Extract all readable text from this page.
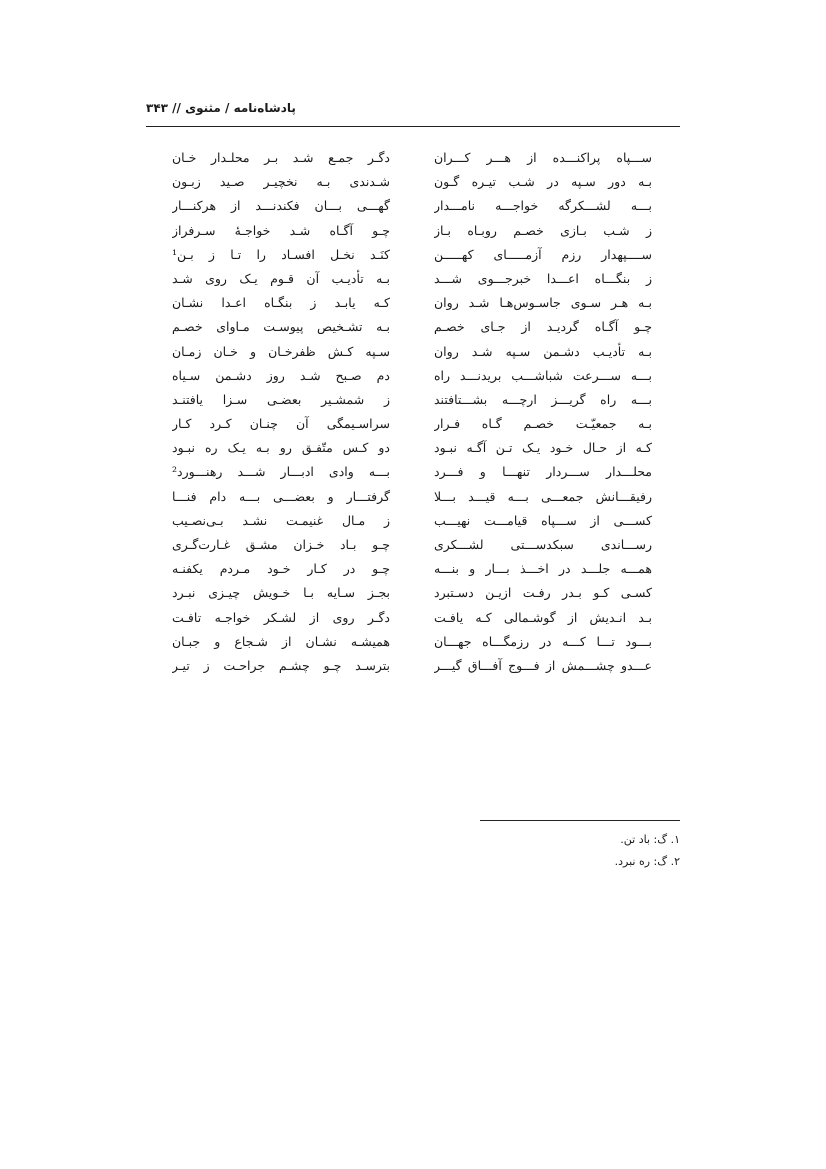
پادشاه‌نامه / مثنوی // ۳۴۳
ســـپاه پراکنـــده از هـــر کـــران
دگـر جمـع شـد بـر محلـدار خـان
بـه دور سـپه در شـب تیـره گـون
شـدندی بـه نخچیـر صـید زبـون
بـــه لشـــکرگه خواجـــه نامـــدار
گهـــی بـــان فکندنـــد از هرکنـــار
ز شـب بـازی خصـم روبـاه بـاز
چـو آگـاه شـد خواجـهٔ سـرفراز
ســــپهدار رزم آزمـــــای کهـــــن
کنَـد نخـل افسـاد را تـا ز بـن¹
ز بنگـــاه اعـــدا خبرجـــوی شـــد
بـه تأدیـب آن قـوم یـک روی شـد
بـه هـر سـوی جاسـوس‌هـا شـد روان
کـه یابـد ز بنگـاه اعـدا نشـان
چـو آگـاه گردیـد از جـای خصـم
بـه تشـخیص پیوسـت مـاوای خصـم
بـه تأدیـب دشـمن سـپه شـد روان
سـپه کـش ظفرخـان و خـان زمـان
بـــه ســـرعت شباشـــب بریدنـــد راه
دم صـبح شـد روز دشـمن سـیاه
بـــه راه گریـــز ارچـــه بشـــتافتند
ز شمشـیر بعضـی سـزا یافتنـد
بـه جمعیّـت خصـم گـاه فـرار
سراسـیمگی آن چنـان کـرد کـار
کـه از حـال خـود یـک تـن آگـه نبـود
دو کـس متّفـق رو بـه یـک ره نبـود
محلـــدار ســـردار تنهـــا و فـــرد
بـــه وادی ادبـــار شـــد رهنـــورد²
رفیقـــانش جمعـــی بـــه قیـــد بـــلا
گرفتـــار و بعضـــی بـــه دام فنـــا
کســـی از ســـپاه قیامـــت نهیـــب
ز مـال غنیمـت نشـد بـی‌نصـیب
رســـاندی سبکدســـتی لشـــکری
چـو بـاد خـزان مشـق غـارت‌گـری
همـــه جلـــد در اخـــذ بـــار و بنـــه
چـو در کـار خـود مـردم یکفنـه
کسـی کـو بـدر رفـت ازیـن دسـتبرد
بجـز سـایه بـا خـویش چیـزی نبـرد
بـد انـدیش از گوشـمالی کـه یافـت
دگـر روی از لشـکر خواجـه تافـت
بـــود تـــا کـــه در رزمگـــاه جهـــان
همیشـه نشـان از شـجاع و جبـان
عـــدو چشـــمش از فـــوج آفـــاق گیـــر
بترسـد چـو چشـم جراحـت ز تیـر
١. گ: باد تن.
٢. گ: ره نبرد.
